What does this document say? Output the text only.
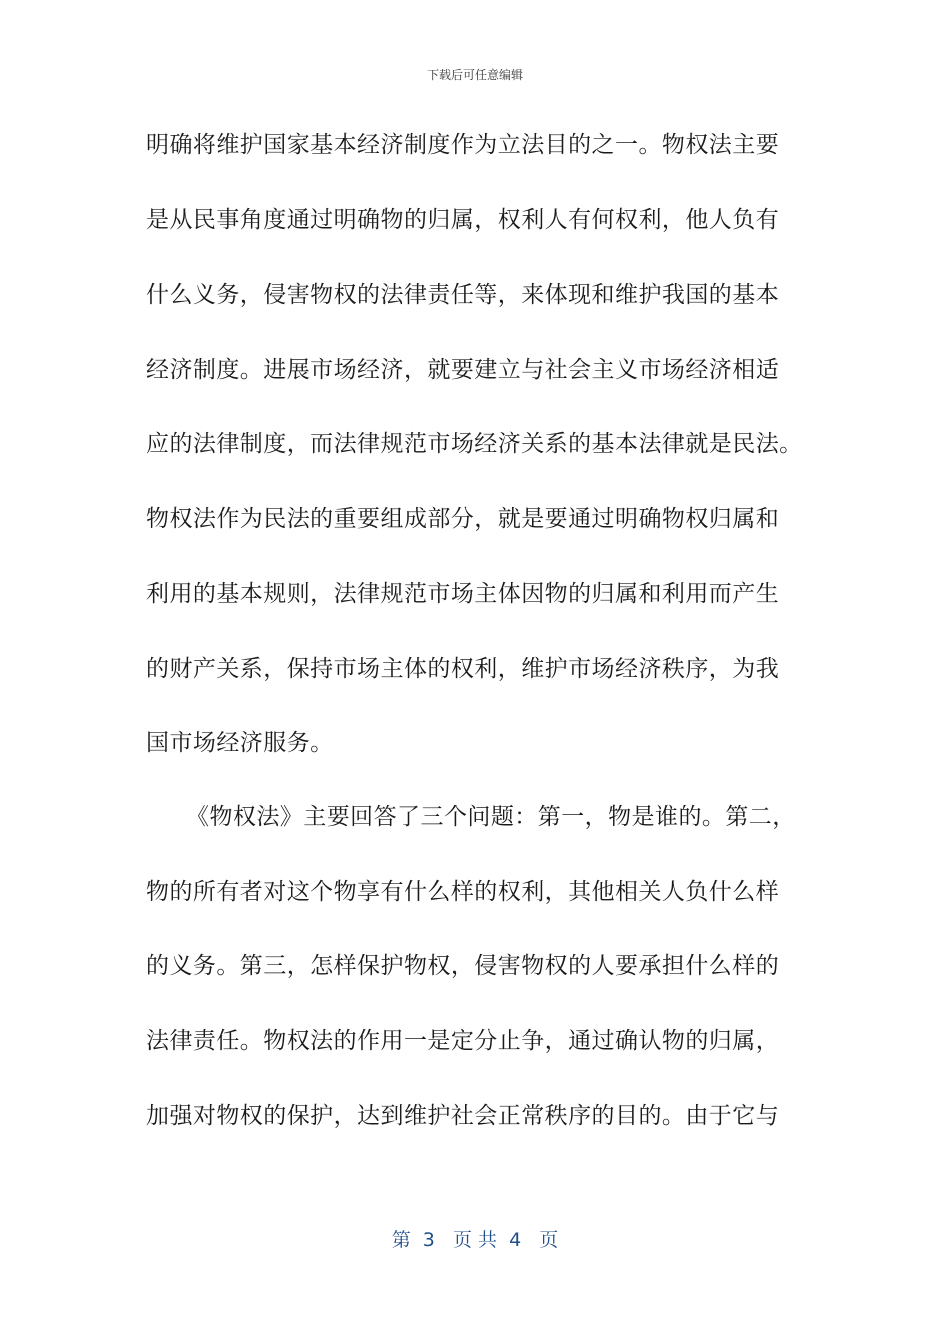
下载后可任意编辑
明确将维护国家基本经济制度作为立法目的之一。物权法主要
是从民事角度通过明确物的归属，权利人有何权利，他人负有
什么义务，侵害物权的法律责任等，来体现和维护我国的基本
经济制度。进展市场经济，就要建立与社会主义市场经济相适
应的法律制度，而法律规范市场经济关系的基本法律就是民法。
物权法作为民法的重要组成部分，就是要通过明确物权归属和
利用的基本规则，法律规范市场主体因物的归属和利用而产生
的财产关系，保持市场主体的权利，维护市场经济秩序，为我
国市场经济服务。
《物权法》主要回答了三个问题：第一，物是谁的。第二，
物的所有者对这个物享有什么样的权利，其他相关人负什么样
的义务。第三，怎样保护物权，侵害物权的人要承担什么样的
法律责任。物权法的作用一是定分止争，通过确认物的归属，
加强对物权的保护，达到维护社会正常秩序的目的。由于它与
第  3   页 共  4   页
